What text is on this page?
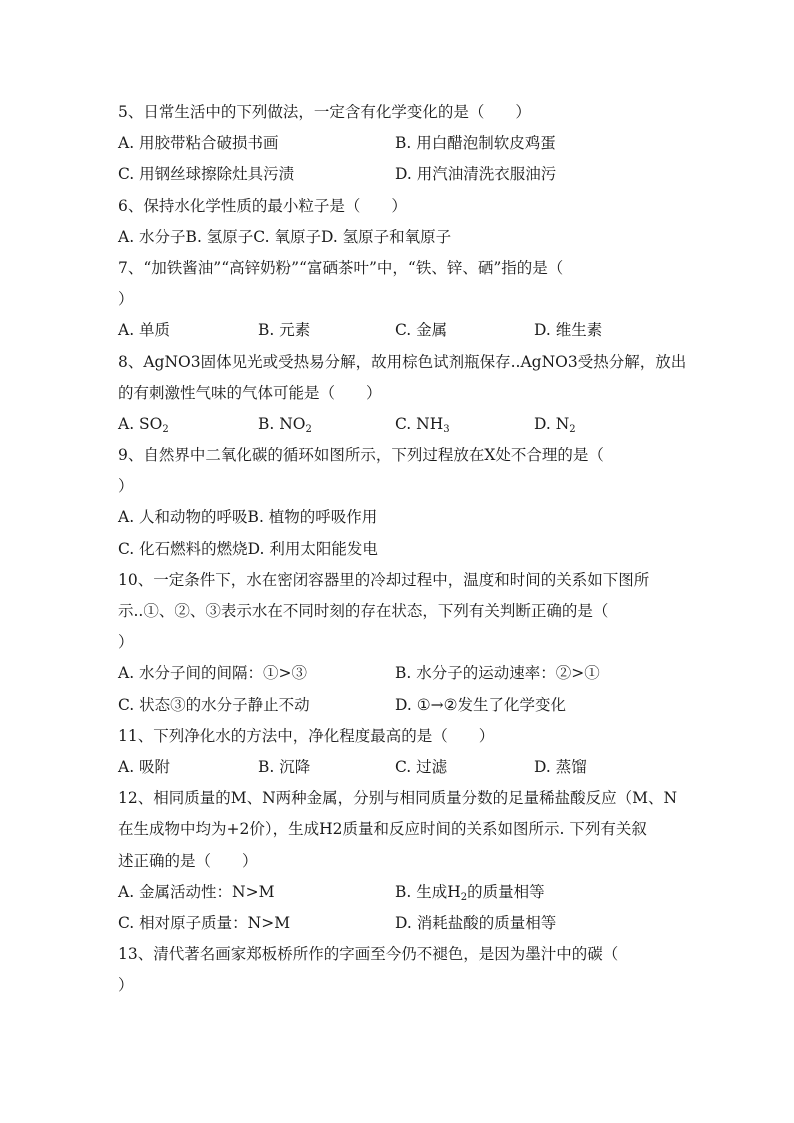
5、日常生活中的下列做法，一定含有化学变化的是（　　）
A. 用胶带粘合破损书画	B. 用白醋泡制软皮鸡蛋
C. 用钢丝球擦除灶具污渍	D. 用汽油清洗衣服油污
6、保持水化学性质的最小粒子是（　　）
A. 水分子B. 氢原子C. 氧原子D. 氢原子和氧原子
7、“加铁酱油”“高锌奶粉”“富硒茶叶”中，“铁、锌、硒”指的是（
）
A. 单质	B. 元素	C. 金属	D. 维生素
8、AgNO3固体见光或受热易分解，故用棕色试剂瓶保存..AgNO3受热分解，放出
的有刺激性气味的气体可能是（　　）
A. $SO_2$	B. $NO_2$	C. $NH_3$	D. $N_2$
9、自然界中二氧化碳的循环如图所示，下列过程放在X处不合理的是（
）
A. 人和动物的呼吸B. 植物的呼吸作用
C. 化石燃料的燃烧D. 利用太阳能发电
10、一定条件下，水在密闭容器里的冷却过程中，温度和时间的关系如下图所
示..①、②、③表示水在不同时刻的存在状态，下列有关判断正确的是（
）
A. 水分子间的间隔：①>③	B. 水分子的运动速率：②>①
C. 状态③的水分子静止不动	D. ①→②发生了化学变化
11、下列净化水的方法中，净化程度最高的是（　　）
A. 吸附	B. 沉降	C. 过滤	D. 蒸馏
12、相同质量的M、N两种金属，分别与相同质量分数的足量稀盐酸反应（M、N
在生成物中均为+2价），生成H2质量和反应时间的关系如图所示. 下列有关叙
述正确的是（　　）
A. 金属活动性：N>M	B. 生成$H_2$的质量相等
C. 相对原子质量：N>M	D. 消耗盐酸的质量相等
13、清代著名画家郑板桥所作的字画至今仍不褪色，是因为墨汁中的碳（
）
